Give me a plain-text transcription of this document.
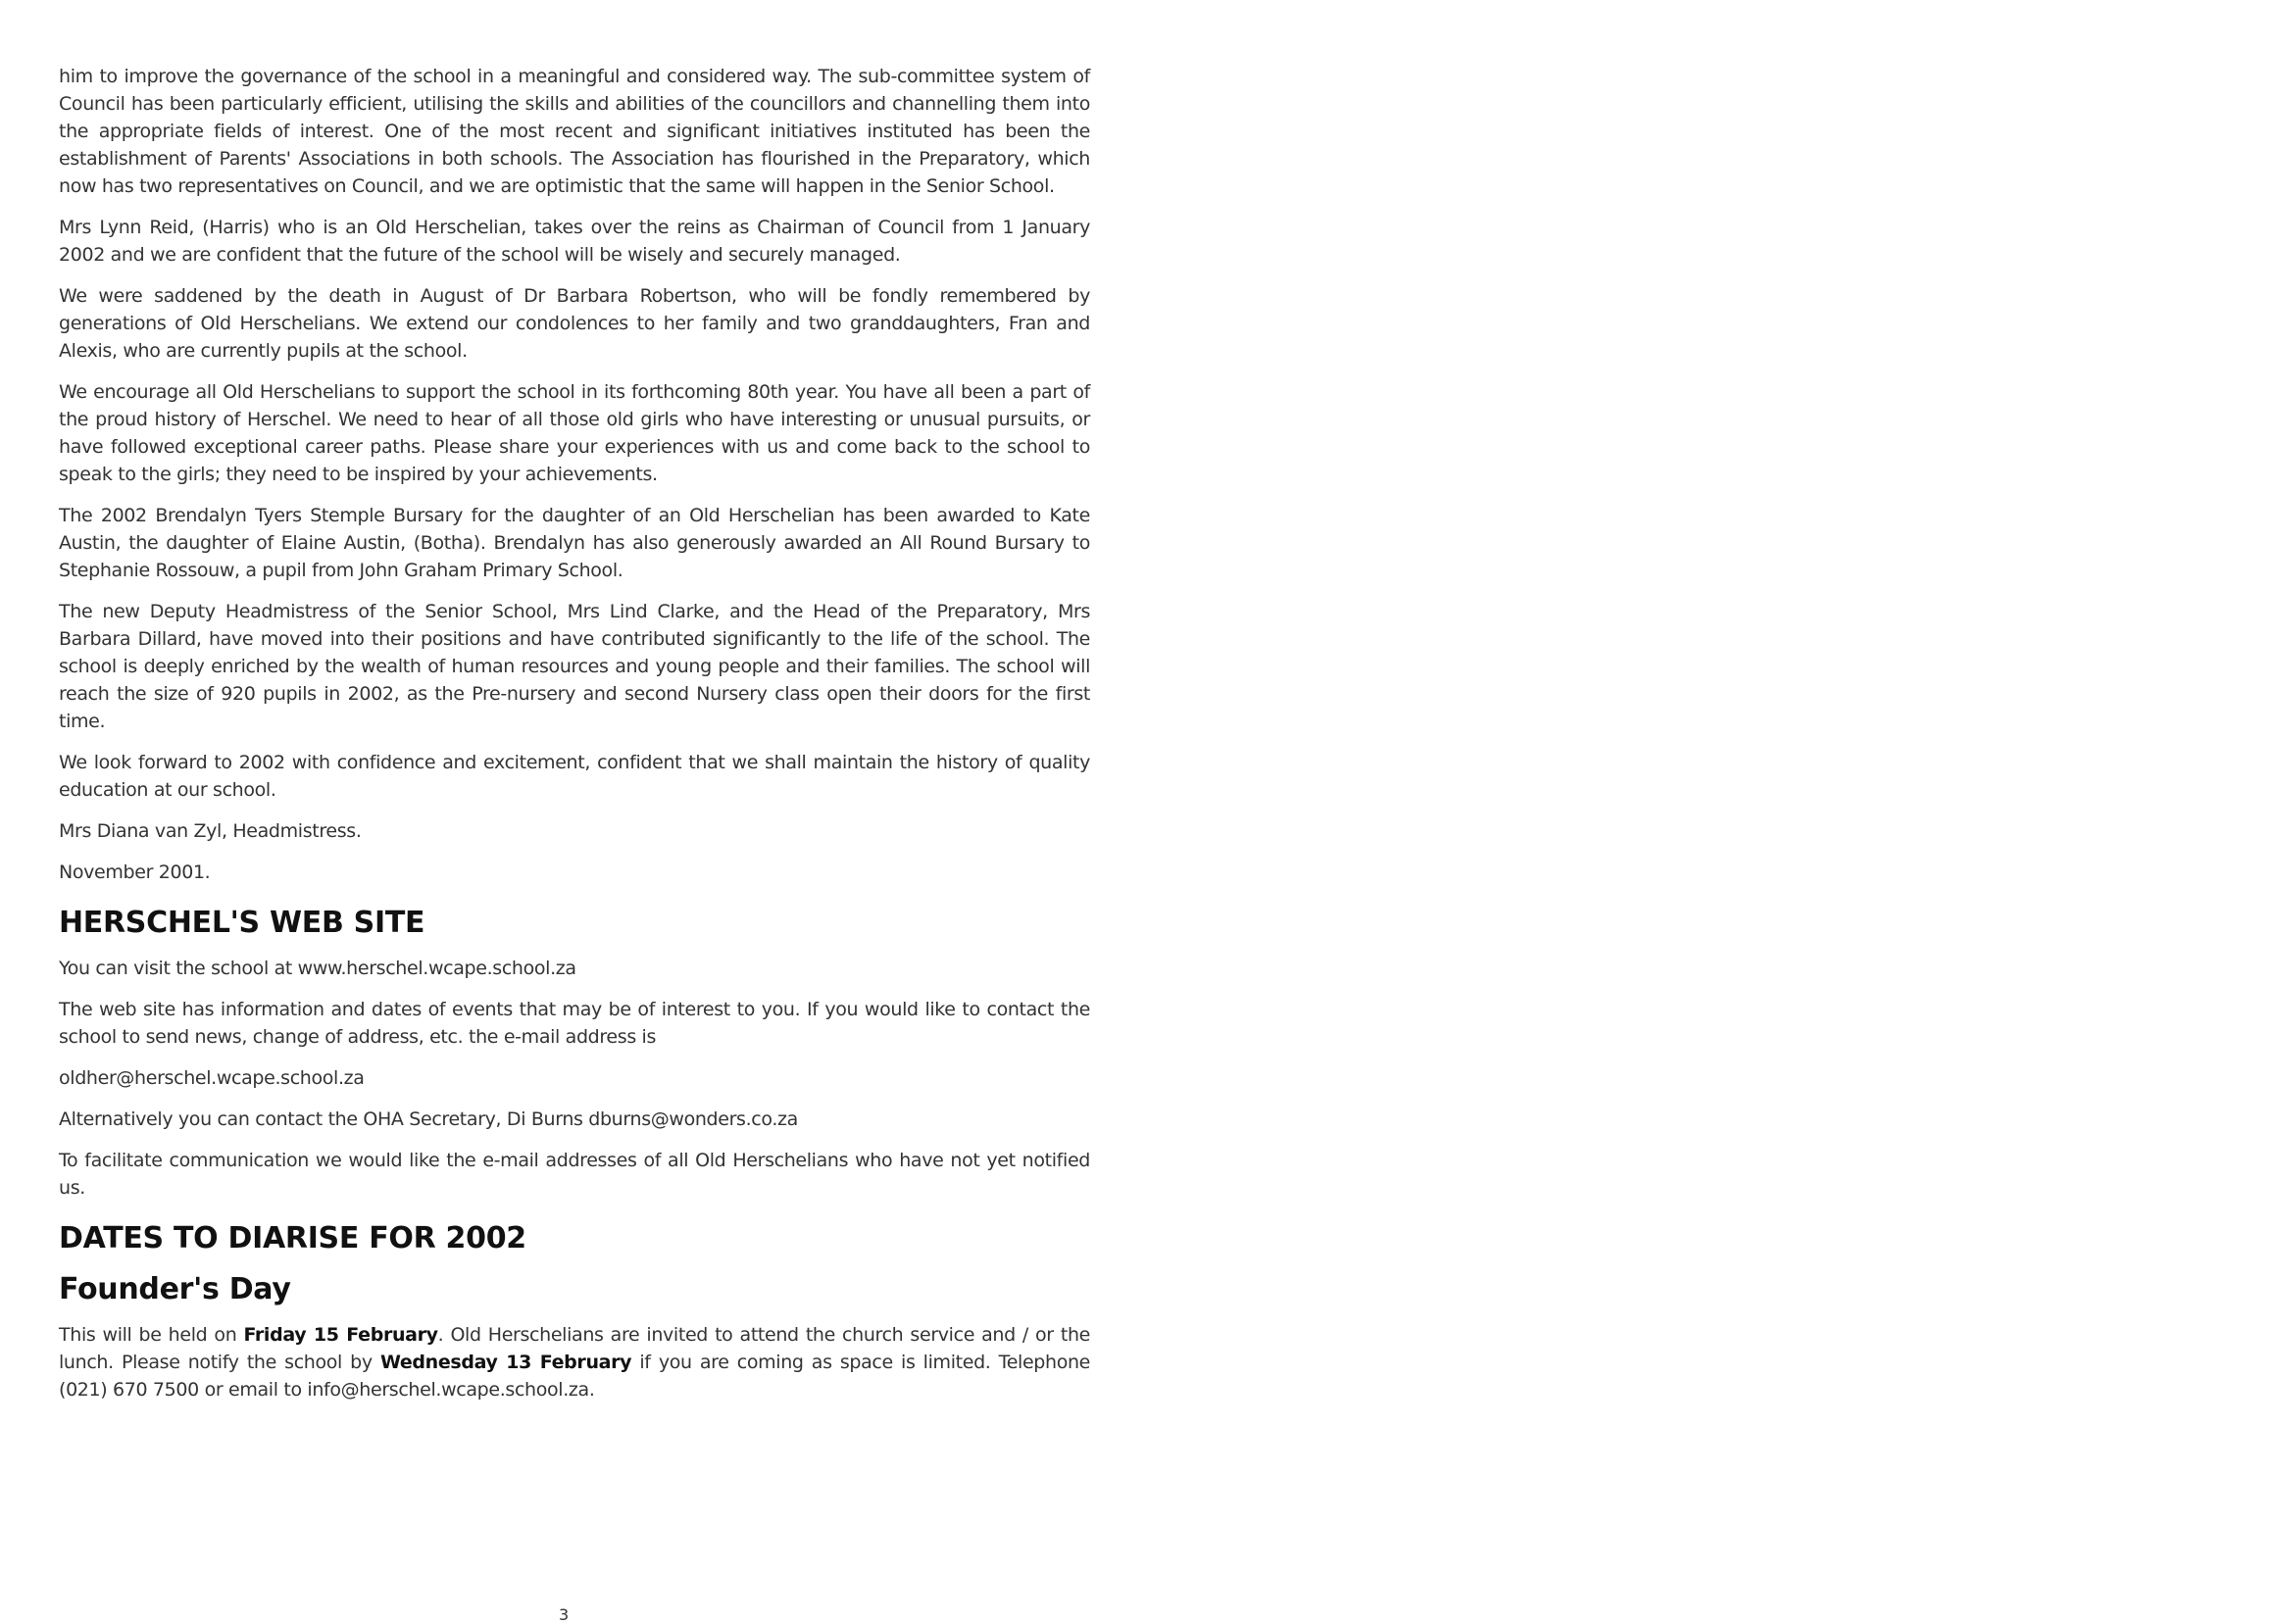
him to improve the governance of the school in a meaningful and considered way. The sub-committee system of Council has been particularly efficient, utilising the skills and abilities of the councillors and channelling them into the appropriate fields of interest. One of the most recent and significant initiatives instituted has been the establishment of Parents' Associations in both schools. The Association has flourished in the Preparatory, which now has two representatives on Council, and we are optimistic that the same will happen in the Senior School.

Mrs Lynn Reid, (Harris) who is an Old Herschelian, takes over the reins as Chairman of Council from 1 January 2002 and we are confident that the future of the school will be wisely and securely managed.

We were saddened by the death in August of Dr Barbara Robertson, who will be fondly remembered by generations of Old Herschelians. We extend our condolences to her family and two granddaughters, Fran and Alexis, who are currently pupils at the school.

We encourage all Old Herschelians to support the school in its forthcoming 80th year. You have all been a part of the proud history of Herschel. We need to hear of all those old girls who have interesting or unusual pursuits, or have followed exceptional career paths. Please share your experiences with us and come back to the school to speak to the girls; they need to be inspired by your achievements.

The 2002 Brendalyn Tyers Stemple Bursary for the daughter of an Old Herschelian has been awarded to Kate Austin, the daughter of Elaine Austin, (Botha). Brendalyn has also generously awarded an All Round Bursary to Stephanie Rossouw, a pupil from John Graham Primary School.

The new Deputy Headmistress of the Senior School, Mrs Lind Clarke, and the Head of the Preparatory, Mrs Barbara Dillard, have moved into their positions and have contributed significantly to the life of the school. The school is deeply enriched by the wealth of human resources and young people and their families. The school will reach the size of 920 pupils in 2002, as the Pre-nursery and second Nursery class open their doors for the first time.

We look forward to 2002 with confidence and excitement, confident that we shall maintain the history of quality education at our school.

Mrs Diana van Zyl, Headmistress.

November 2001.

HERSCHEL'S WEB SITE

You can visit the school at www.herschel.wcape.school.za

The web site has information and dates of events that may be of interest to you. If you would like to contact the school to send news, change of address, etc. the e-mail address is

oldher@herschel.wcape.school.za

Alternatively you can contact the OHA Secretary, Di Burns dburns@wonders.co.za

To facilitate communication we would like the e-mail addresses of all Old Herschelians who have not yet notified us.

DATES TO DIARISE FOR 2002
Founder's Day

This will be held on Friday 15 February. Old Herschelians are invited to attend the church service and / or the lunch. Please notify the school by Wednesday 13 February if you are coming as space is limited. Telephone (021) 670 7500 or email to info@herschel.wcape.school.za.

3
